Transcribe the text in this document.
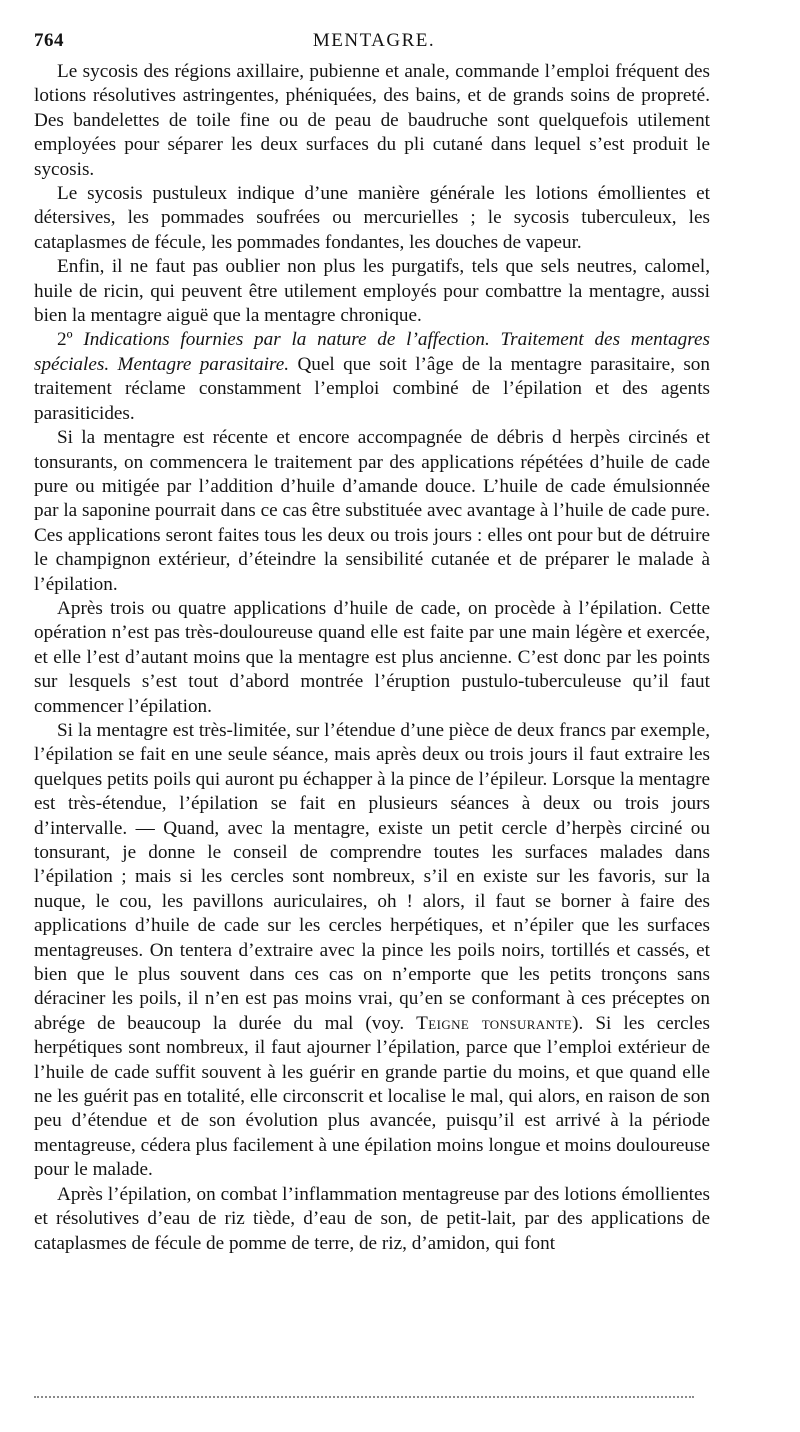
764	MENTAGRE.

Le sycosis des régions axillaire, pubienne et anale, commande l’emploi fréquent des lotions résolutives astringentes, phéniquées, des bains, et de grands soins de propreté. Des bandelettes de toile fine ou de peau de baudruche sont quelquefois utilement employées pour séparer les deux surfaces du pli cutané dans lequel s’est produit le sycosis.

Le sycosis pustuleux indique d’une manière générale les lotions émollientes et détersives, les pommades soufrées ou mercurielles ; le sycosis tuberculeux, les cataplasmes de fécule, les pommades fondantes, les douches de vapeur.

Enfin, il ne faut pas oublier non plus les purgatifs, tels que sels neutres, calomel, huile de ricin, qui peuvent être utilement employés pour combattre la mentagre, aussi bien la mentagre aiguë que la mentagre chronique.

2º Indications fournies par la nature de l’affection. Traitement des mentagres spéciales. Mentagre parasitaire. Quel que soit l’âge de la mentagre parasitaire, son traitement réclame constamment l’emploi combiné de l’épilation et des agents parasiticides.

Si la mentagre est récente et encore accompagnée de débris d herpès circinés et tonsurants, on commencera le traitement par des applications répétées d’huile de cade pure ou mitigée par l’addition d’huile d’amande douce. L’huile de cade émulsionnée par la saponine pourrait dans ce cas être substituée avec avantage à l’huile de cade pure. Ces applications seront faites tous les deux ou trois jours : elles ont pour but de détruire le champignon extérieur, d’éteindre la sensibilité cutanée et de préparer le malade à l’épilation.

Après trois ou quatre applications d’huile de cade, on procède à l’épilation. Cette opération n’est pas très-douloureuse quand elle est faite par une main légère et exercée, et elle l’est d’autant moins que la mentagre est plus ancienne. C’est donc par les points sur lesquels s’est tout d’abord montrée l’éruption pustulo-tuberculeuse qu’il faut commencer l’épilation.

Si la mentagre est très-limitée, sur l’étendue d’une pièce de deux francs par exemple, l’épilation se fait en une seule séance, mais après deux ou trois jours il faut extraire les quelques petits poils qui auront pu échapper à la pince de l’épileur. Lorsque la mentagre est très-étendue, l’épilation se fait en plusieurs séances à deux ou trois jours d’intervalle. — Quand, avec la mentagre, existe un petit cercle d’herpès circiné ou tonsurant, je donne le conseil de comprendre toutes les surfaces malades dans l’épilation ; mais si les cercles sont nombreux, s’il en existe sur les favoris, sur la nuque, le cou, les pavillons auriculaires, oh ! alors, il faut se borner à faire des applications d’huile de cade sur les cercles herpétiques, et n’épiler que les surfaces mentagreuses. On tentera d’extraire avec la pince les poils noirs, tortillés et cassés, et bien que le plus souvent dans ces cas on n’emporte que les petits tronçons sans déraciner les poils, il n’en est pas moins vrai, qu’en se conformant à ces préceptes on abrége de beaucoup la durée du mal (voy. Teigne tonsurante). Si les cercles herpétiques sont nombreux, il faut ajourner l’épilation, parce que l’emploi extérieur de l’huile de cade suffit souvent à les guérir en grande partie du moins, et que quand elle ne les guérit pas en totalité, elle circonscrit et localise le mal, qui alors, en raison de son peu d’étendue et de son évolution plus avancée, puisqu’il est arrivé à la période mentagreuse, cédera plus facilement à une épilation moins longue et moins douloureuse pour le malade.

Après l’épilation, on combat l’inflammation mentagreuse par des lotions émollientes et résolutives d’eau de riz tiède, d’eau de son, de petit-lait, par des applications de cataplasmes de fécule de pomme de terre, de riz, d’amidon, qui font
